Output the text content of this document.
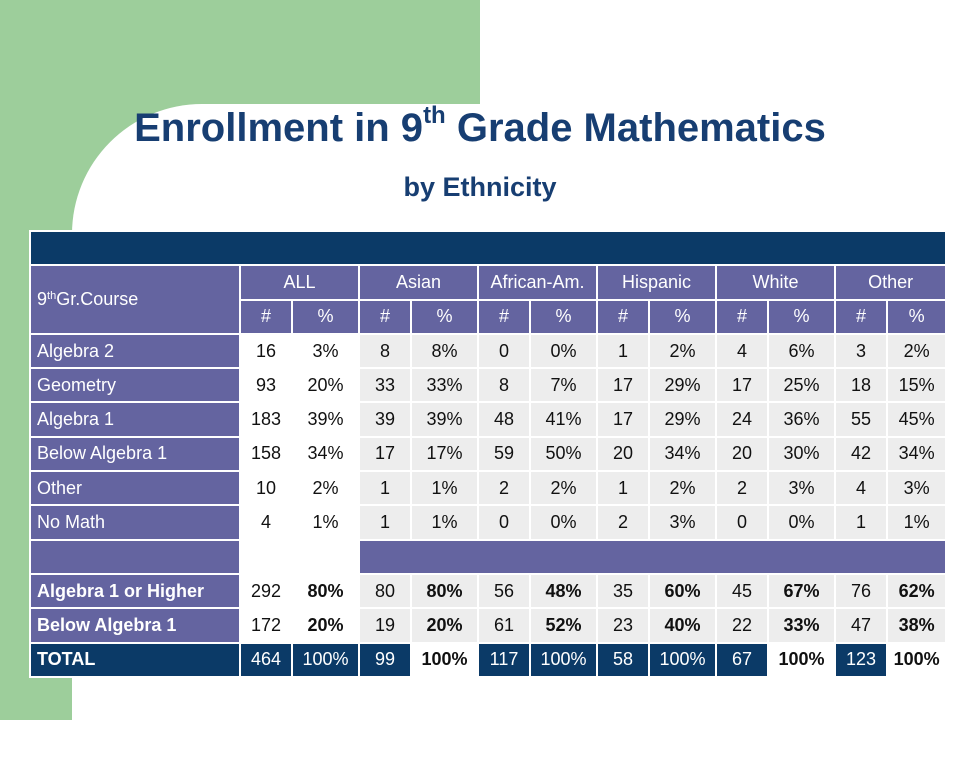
Enrollment in 9th Grade Mathematics
by Ethnicity

9thGr.Course	ALL		Asian		African-Am.		Hispanic		White		Other	
	#	%	#	%	#	%	#	%	#	%	#	%
Algebra 2	16	3%	8	8%	0	0%	1	2%	4	6%	3	2%
Geometry	93	20%	33	33%	8	7%	17	29%	17	25%	18	15%
Algebra 1	183	39%	39	39%	48	41%	17	29%	24	36%	55	45%
Below Algebra 1	158	34%	17	17%	59	50%	20	34%	20	30%	42	34%
Other	10	2%	1	1%	2	2%	1	2%	2	3%	4	3%
No Math	4	1%	1	1%	0	0%	2	3%	0	0%	1	1%

Algebra 1 or Higher	292	80%	80	80%	56	48%	35	60%	45	67%	76	62%
Below Algebra 1	172	20%	19	20%	61	52%	23	40%	22	33%	47	38%
TOTAL	464	100%	99	100%	117	100%	58	100%	67	100%	123	100%
